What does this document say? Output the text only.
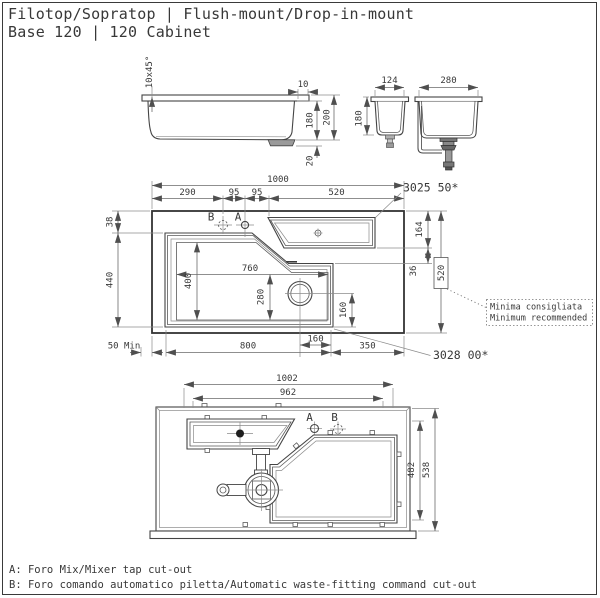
Filotop/Sopratop | Flush-mount/Drop-in-mount
Base 120 | 120 Cabinet
10x45°	10
180 200
20
124
180
280
A
B
1000
290	95 95	520
38
440
164
36 520
Minima consigliata
Minimum recommended
50 Min	800
160
350
760
400
280
160
3025 50*
3028 00*
A B
1002
962
482 538
A: Foro Mix/Mixer tap cut-out
B: Foro comando automatico piletta/Automatic waste-fitting command cut-out
